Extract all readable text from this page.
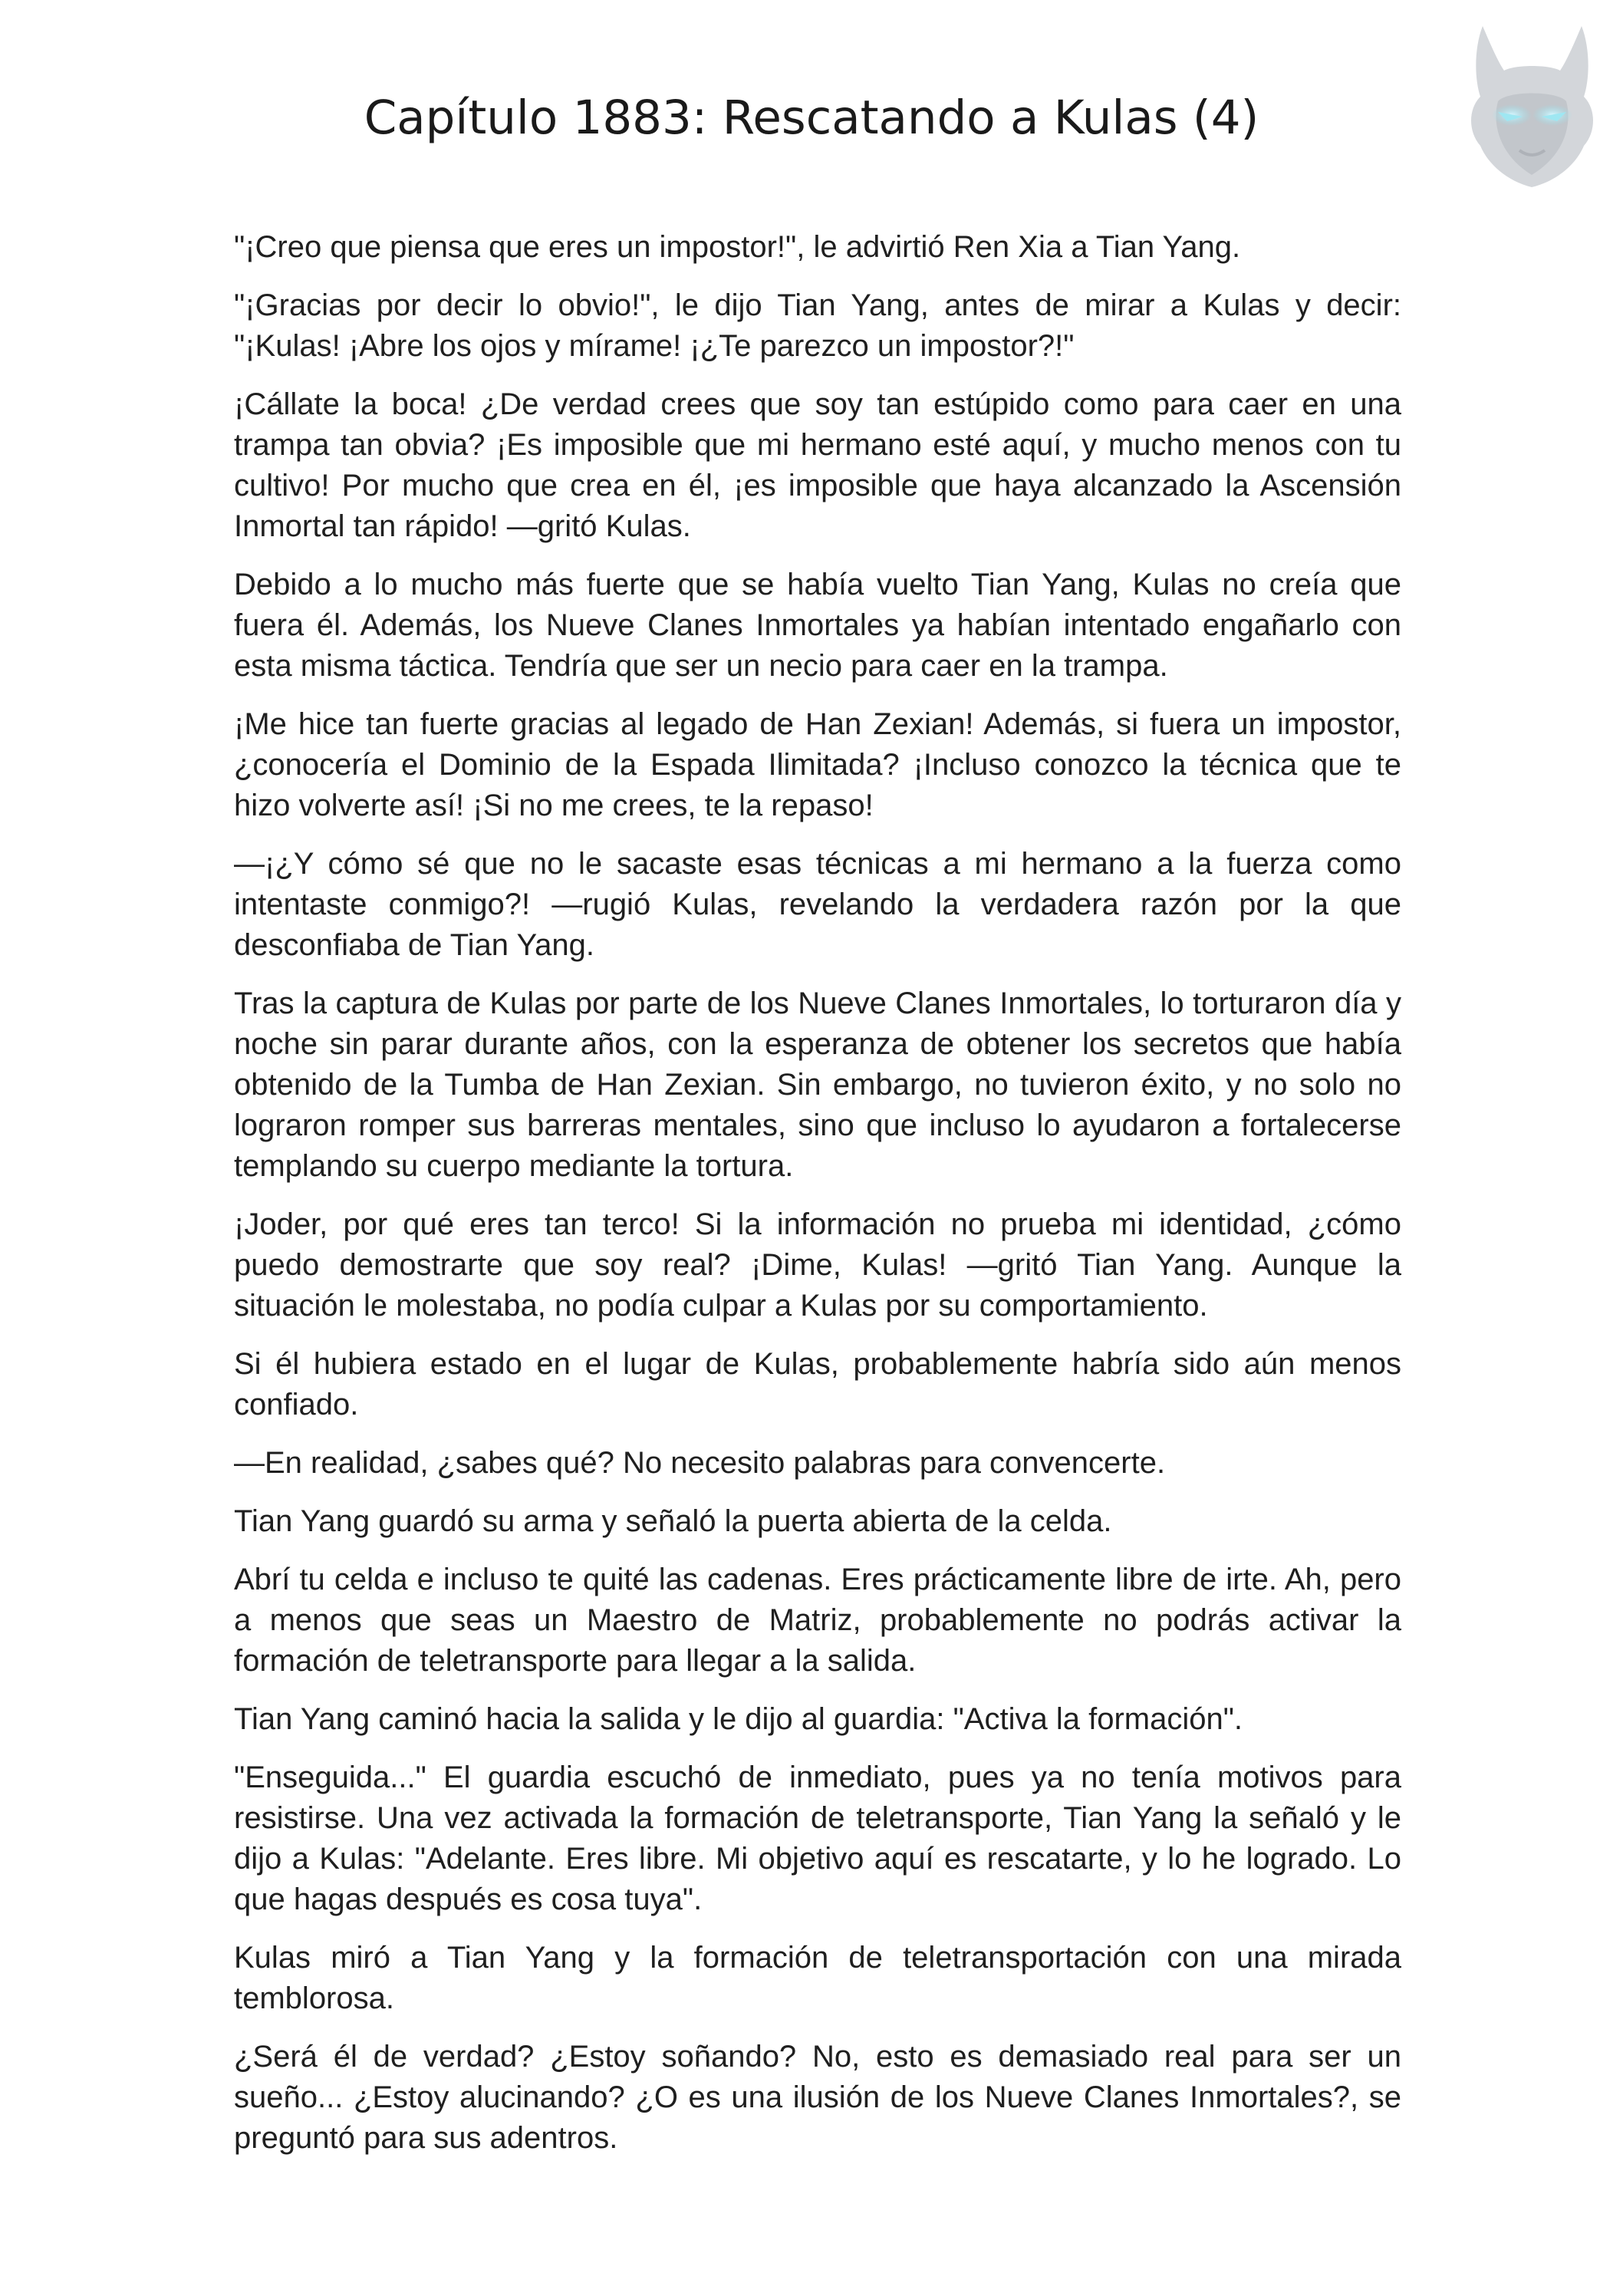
Capítulo 1883: Rescatando a Kulas (4)

"¡Creo que piensa que eres un impostor!", le advirtió Ren Xia a Tian Yang.

"¡Gracias por decir lo obvio!", le dijo Tian Yang, antes de mirar a Kulas y decir: "¡Kulas! ¡Abre los ojos y mírame! ¡¿Te parezco un impostor?!"

¡Cállate la boca! ¿De verdad crees que soy tan estúpido como para caer en una trampa tan obvia? ¡Es imposible que mi hermano esté aquí, y mucho menos con tu cultivo! Por mucho que crea en él, ¡es imposible que haya alcanzado la Ascensión Inmortal tan rápido! —gritó Kulas.

Debido a lo mucho más fuerte que se había vuelto Tian Yang, Kulas no creía que fuera él. Además, los Nueve Clanes Inmortales ya habían intentado engañarlo con esta misma táctica. Tendría que ser un necio para caer en la trampa.

¡Me hice tan fuerte gracias al legado de Han Zexian! Además, si fuera un impostor, ¿conocería el Dominio de la Espada Ilimitada? ¡Incluso conozco la técnica que te hizo volverte así! ¡Si no me crees, te la repaso!

—¡¿Y cómo sé que no le sacaste esas técnicas a mi hermano a la fuerza como intentaste conmigo?! —rugió Kulas, revelando la verdadera razón por la que desconfiaba de Tian Yang.

Tras la captura de Kulas por parte de los Nueve Clanes Inmortales, lo torturaron día y noche sin parar durante años, con la esperanza de obtener los secretos que había obtenido de la Tumba de Han Zexian. Sin embargo, no tuvieron éxito, y no solo no lograron romper sus barreras mentales, sino que incluso lo ayudaron a fortalecerse templando su cuerpo mediante la tortura.

¡Joder, por qué eres tan terco! Si la información no prueba mi identidad, ¿cómo puedo demostrarte que soy real? ¡Dime, Kulas! —gritó Tian Yang. Aunque la situación le molestaba, no podía culpar a Kulas por su comportamiento.

Si él hubiera estado en el lugar de Kulas, probablemente habría sido aún menos confiado.

—En realidad, ¿sabes qué? No necesito palabras para convencerte.

Tian Yang guardó su arma y señaló la puerta abierta de la celda.

Abrí tu celda e incluso te quité las cadenas. Eres prácticamente libre de irte. Ah, pero a menos que seas un Maestro de Matriz, probablemente no podrás activar la formación de teletransporte para llegar a la salida.

Tian Yang caminó hacia la salida y le dijo al guardia: "Activa la formación".

"Enseguida..." El guardia escuchó de inmediato, pues ya no tenía motivos para resistirse. Una vez activada la formación de teletransporte, Tian Yang la señaló y le dijo a Kulas: "Adelante. Eres libre. Mi objetivo aquí es rescatarte, y lo he logrado. Lo que hagas después es cosa tuya".

Kulas miró a Tian Yang y la formación de teletransportación con una mirada temblorosa.

¿Será él de verdad? ¿Estoy soñando? No, esto es demasiado real para ser un sueño... ¿Estoy alucinando? ¿O es una ilusión de los Nueve Clanes Inmortales?, se preguntó para sus adentros.
